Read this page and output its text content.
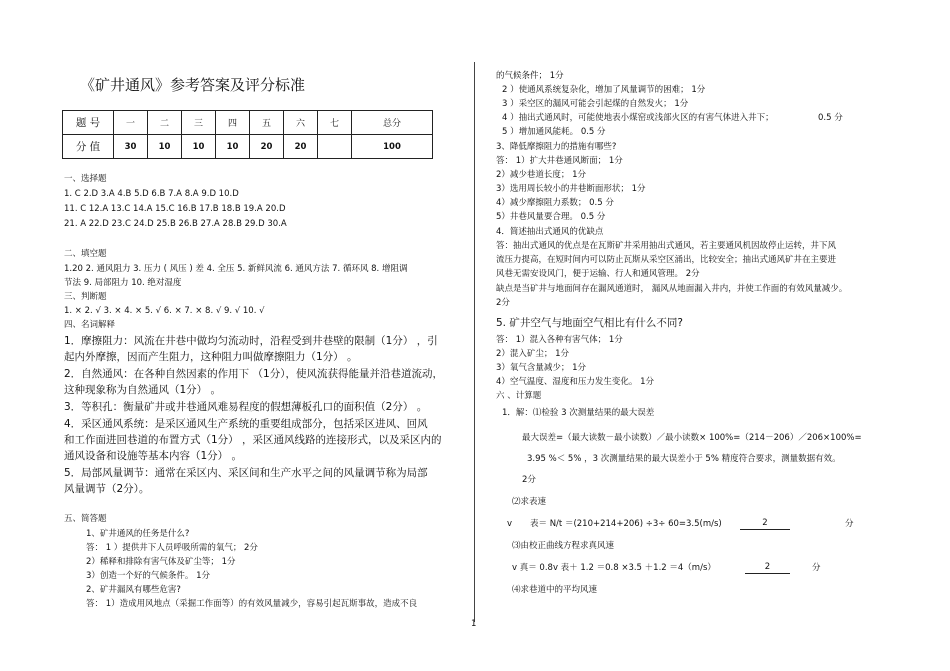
《矿井通风》参考答案及评分标准
题 号	一	二	三	四	五	六	七	总分
分 值	30	10	10	10	20	20		100
一、选择题
1. C 2.D 3.A 4.B 5.D 6.B 7.A 8.A 9.D 10.D
11. C 12.A 13.C 14.A 15.C 16.B 17.B 18.B 19.A 20.D
21. A 22.D 23.C 24.D 25.B 26.B 27.A 28.B 29.D 30.A
二、填空题
1.20 2. 通风阻力 3. 压力 ( 风压 ) 差 4. 全压 5. 新鲜风流 6. 通风方法 7. 循环风 8. 增阻调
节法 9. 局部阻力 10. 绝对湿度
三、判断题
1. × 2. √ 3. × 4. × 5. √ 6. × 7. × 8. √ 9. √ 10. √
四、名词解释
1．摩擦阻力：风流在井巷中做均匀流动时，沿程受到井巷壁的限制（1分） ，引
起内外摩擦，因而产生阻力，这种阻力叫做摩擦阻力（1分） 。
2．自然通风：在各种自然因素的作用下 （1分），使风流获得能量并沿巷道流动，
这种现象称为自然通风（1分） 。
3．等积孔：衡量矿井或井巷通风难易程度的假想薄板孔口的面积值（2分） 。
4．采区通风系统：是采区通风生产系统的重要组成部分，包括采区进风、回风
和工作面进回巷道的布置方式（1分） ，采区通风线路的连接形式，以及采区内的
通风设备和设施等基本内容（1分） 。
5．局部风量调节：通常在采区内、采区间和生产水平之间的风量调节称为局部
风量调节（2分）。
五、简答题
1、矿井通风的任务是什么?
答： 1 ）提供井下人员呼吸所需的氧气； 2分
2）稀释和排除有害气体及矿尘等； 1分
3）创造一个好的气候条件。 1分
2、矿井漏风有哪些危害?
答： 1）造成用风地点（采掘工作面等）的有效风量减少，容易引起瓦斯事故，造成不良
的气候条件； 1分
2 ）使通风系统复杂化，增加了风量调节的困难； 1分
3 ）采空区的漏风可能会引起煤的自然发火； 1分
4 ）抽出式通风时，可能使地表小煤窑或浅部火区的有害气体进入井下；	0.5 分
5 ）增加通风能耗。 0.5 分
3、降低摩擦阻力的措施有哪些?
答： 1）扩大井巷通风断面； 1分
2）减少巷道长度； 1分
3）选用周长较小的井巷断面形状； 1分
4）减少摩擦阻力系数； 0.5 分
5）井巷风量要合理。 0.5 分
4．简述抽出式通风的优缺点
答：抽出式通风的优点是在瓦斯矿井采用抽出式通风，若主要通风机因故停止运转，井下风
流压力提高，在短时间内可以防止瓦斯从采空区涌出，比较安全；抽出式通风矿井在主要进
风巷无需安设风门，便于运输、行人和通风管理。 2分
缺点是当矿井与地面间存在漏风通道时， 漏风从地面漏入井内，并使工作面的有效风量减少。
2分
5. 矿井空气与地面空气相比有什么不同?
答： 1）混入各种有害气体； 1分
2）混入矿尘； 1分
3）氧气含量减少； 1分
4）空气温度、湿度和压力发生变化。 1分
六 、计算题
1．解：⑴检验 3 次测量结果的最大误差
最大误差=（最大读数－最小读数）／最小读数× 100%=（214－206）／206×100%=
3.95 %＜ 5% ，3 次测量结果的最大误差小于 5% 精度符合要求，测量数据有效。
2分
⑵求表速
v 表＝ N/t ＝(210+214+206) ÷3÷ 60=3.5(m/s)	2	分
⑶由校正曲线方程求真风速
v 真＝ 0.8v 表＋ 1.2 ＝0.8 ×3.5 ＋1.2 ＝4（m/s）	2	分
⑷求巷道中的平均风速
1
